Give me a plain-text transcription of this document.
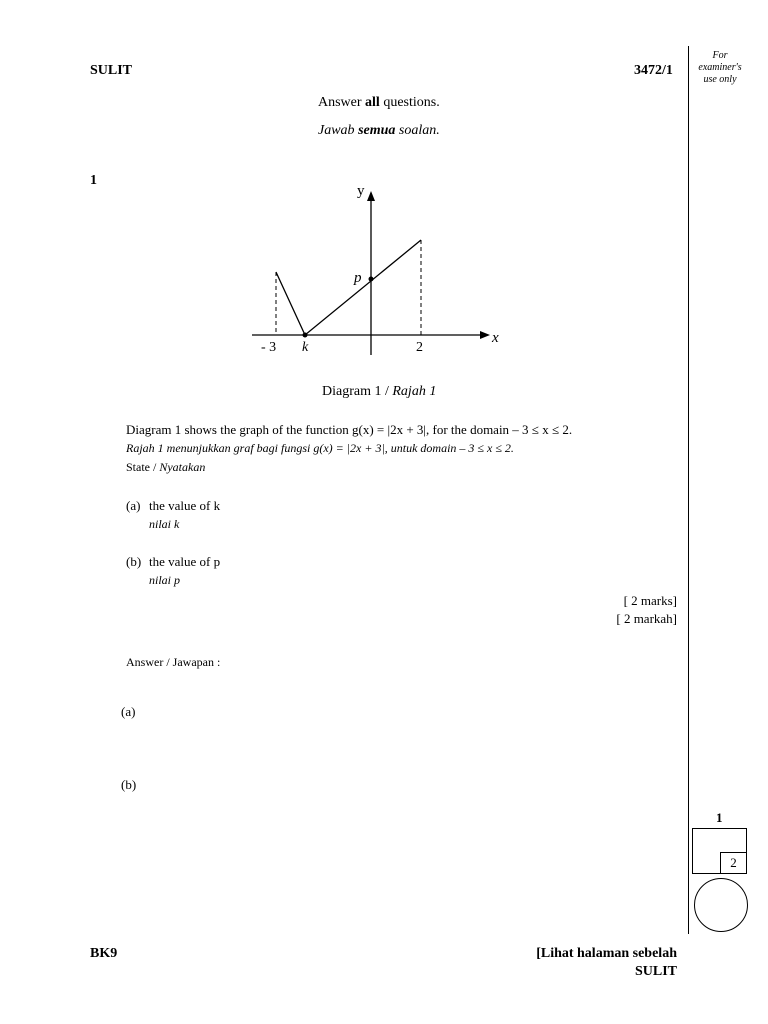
SULIT	3472/1
For
examiner's
use only
Answer all questions.
Jawab semua soalan.
1
y
x
p
- 3 k	2
Diagram 1 / Rajah 1
Diagram 1 shows the graph of the function g(x) = |2x + 3|, for the domain – 3 ≤ x ≤ 2.
Rajah 1 menunjukkan graf bagi fungsi g(x) = |2x + 3|, untuk domain – 3 ≤ x ≤ 2.
State / Nyatakan
(a) the value of k
nilai k
(b) the value of p
nilai p
[ 2 marks]
[ 2 markah]
Answer / Jawapan :
(a)
(b)
1
2
BK9	[Lihat halaman sebelah
SULIT
